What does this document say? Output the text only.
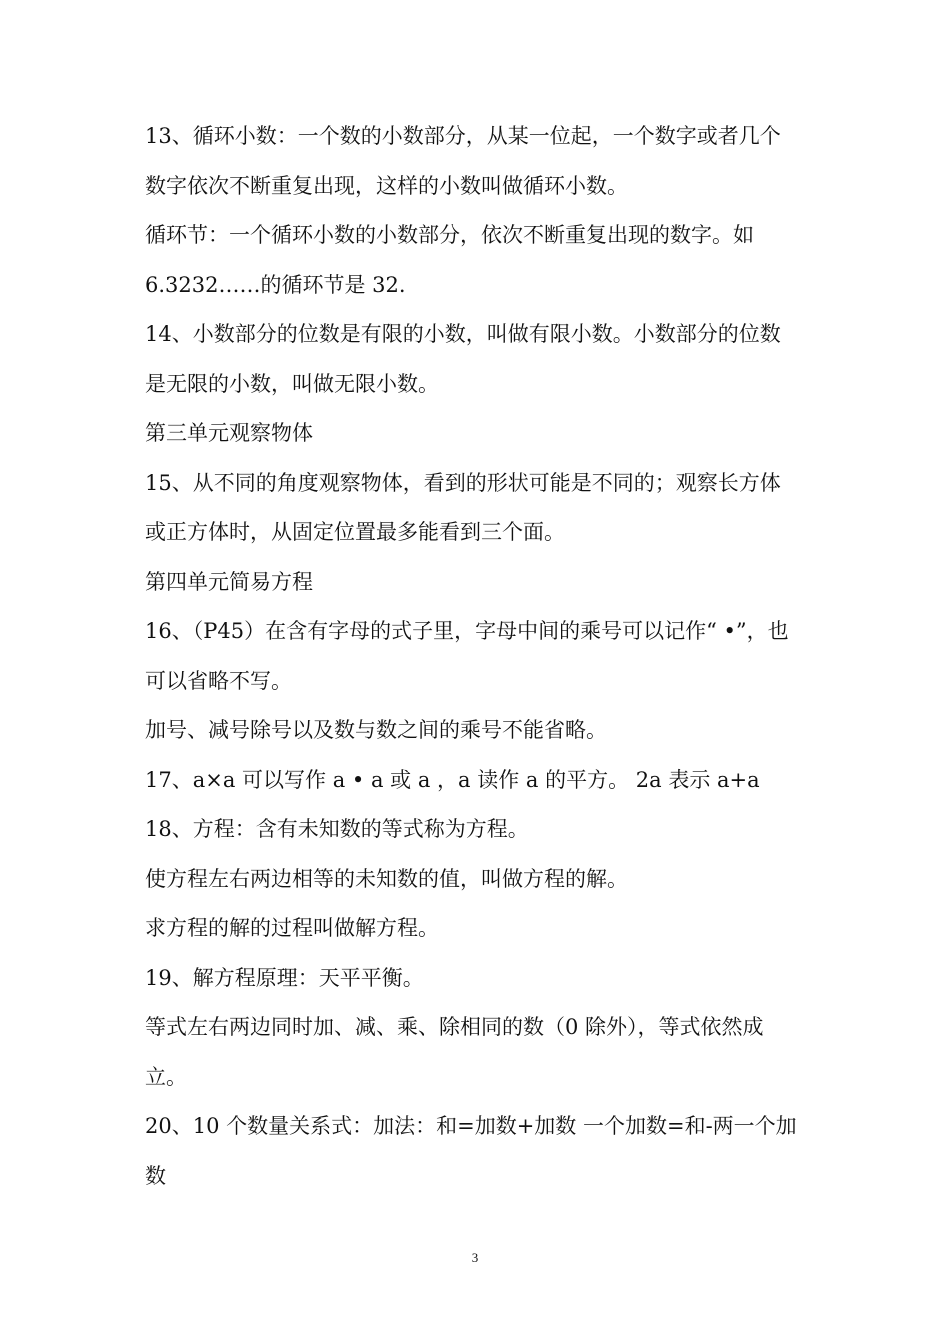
13、循环小数：一个数的小数部分，从某一位起，一个数字或者几个
数字依次不断重复出现，这样的小数叫做循环小数。
循环节：一个循环小数的小数部分，依次不断重复出现的数字。如
6.3232……的循环节是 32.
14、小数部分的位数是有限的小数，叫做有限小数。小数部分的位数
是无限的小数，叫做无限小数。
第三单元观察物体
15、从不同的角度观察物体，看到的形状可能是不同的；观察长方体
或正方体时，从固定位置最多能看到三个面。
第四单元简易方程
16、（P45）在含有字母的式子里，字母中间的乘号可以记作“ •”，也
可以省略不写。
加号、减号除号以及数与数之间的乘号不能省略。
17、a×a 可以写作 a • a 或 a ，a 读作 a 的平方。 2a 表示 a+a
18、方程：含有未知数的等式称为方程。
使方程左右两边相等的未知数的值，叫做方程的解。
求方程的解的过程叫做解方程。
19、解方程原理：天平平衡。
等式左右两边同时加、减、乘、除相同的数（0 除外），等式依然成
立。
20、10 个数量关系式：加法：和=加数+加数 一个加数=和-两一个加
数
3
